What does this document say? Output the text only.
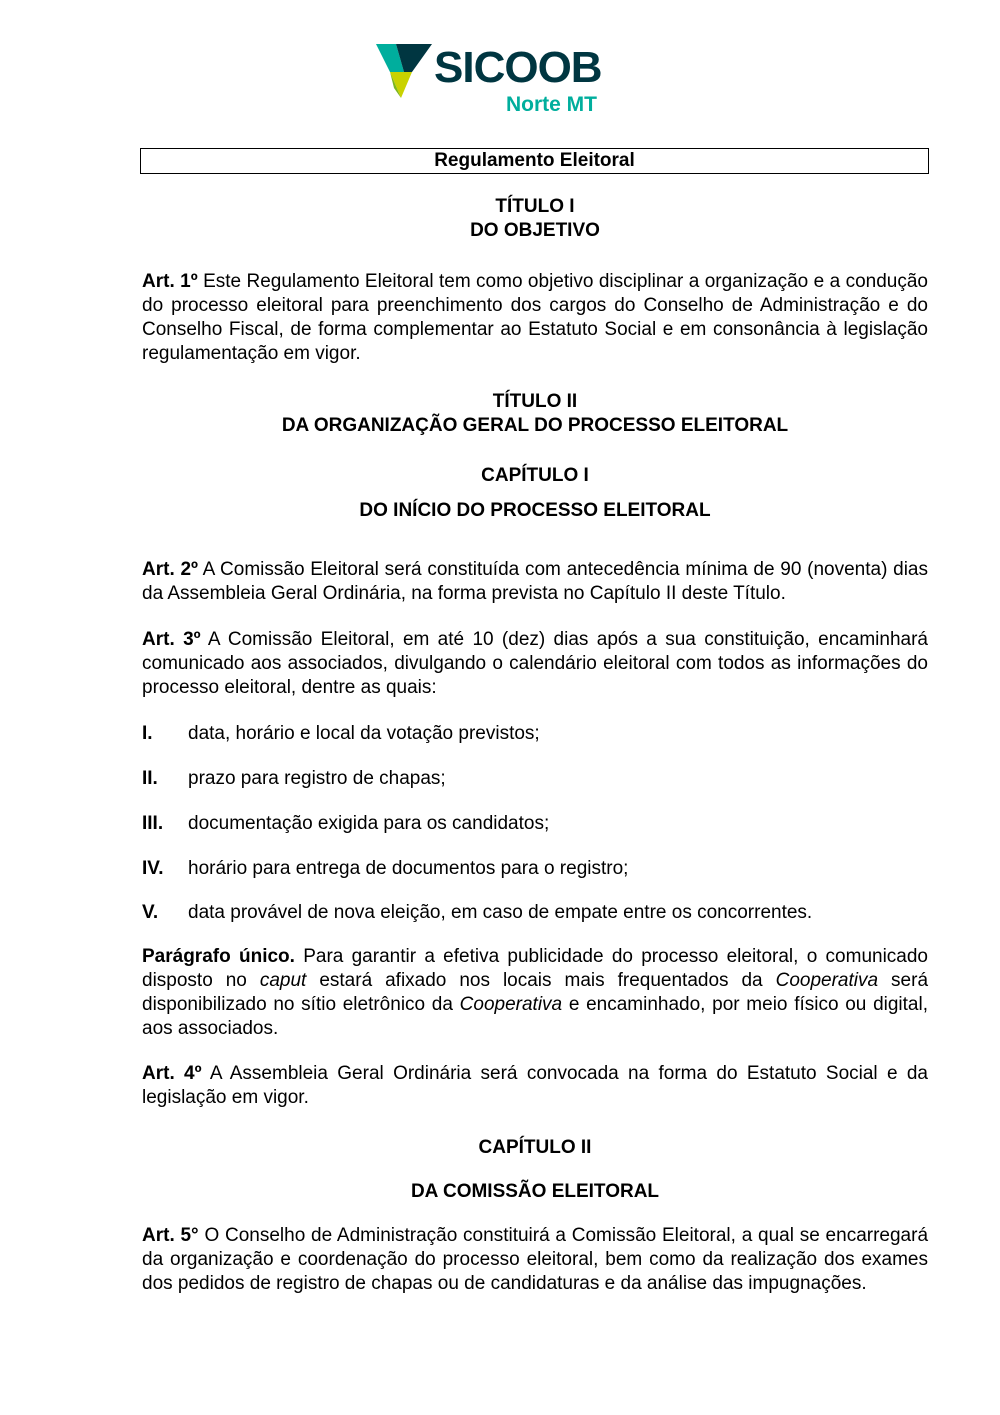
SICOOB
Norte MT
Regulamento Eleitoral
TÍTULO I
DO OBJETIVO

Art. 1º Este Regulamento Eleitoral tem como objetivo disciplinar a organização e a condução do processo eleitoral para preenchimento dos cargos do Conselho de Administração e do Conselho Fiscal, de forma complementar ao Estatuto Social e em consonância à legislação regulamentação em vigor.

TÍTULO II
DA ORGANIZAÇÃO GERAL DO PROCESSO ELEITORAL
CAPÍTULO I
DO INÍCIO DO PROCESSO ELEITORAL

Art. 2º A Comissão Eleitoral será constituída com antecedência mínima de 90 (noventa) dias da Assembleia Geral Ordinária, na forma prevista no Capítulo II deste Título.

Art. 3º A Comissão Eleitoral, em até 10 (dez) dias após a sua constituição, encaminhará comunicado aos associados, divulgando o calendário eleitoral com todos as informações do processo eleitoral, dentre as quais:

I.	data, horário e local da votação previstos;
II.	prazo para registro de chapas;
III.	documentação exigida para os candidatos;
IV.	horário para entrega de documentos para o registro;
V.	data provável de nova eleição, em caso de empate entre os concorrentes.

Parágrafo único. Para garantir a efetiva publicidade do processo eleitoral, o comunicado disposto no caput estará afixado nos locais mais frequentados da Cooperativa será disponibilizado no sítio eletrônico da Cooperativa e encaminhado, por meio físico ou digital, aos associados.

Art. 4º A Assembleia Geral Ordinária será convocada na forma do Estatuto Social e da legislação em vigor.

CAPÍTULO II
DA COMISSÃO ELEITORAL

Art. 5° O Conselho de Administração constituirá a Comissão Eleitoral, a qual se encarregará da organização e coordenação do processo eleitoral, bem como da realização dos exames dos pedidos de registro de chapas ou de candidaturas e da análise das impugnações.
